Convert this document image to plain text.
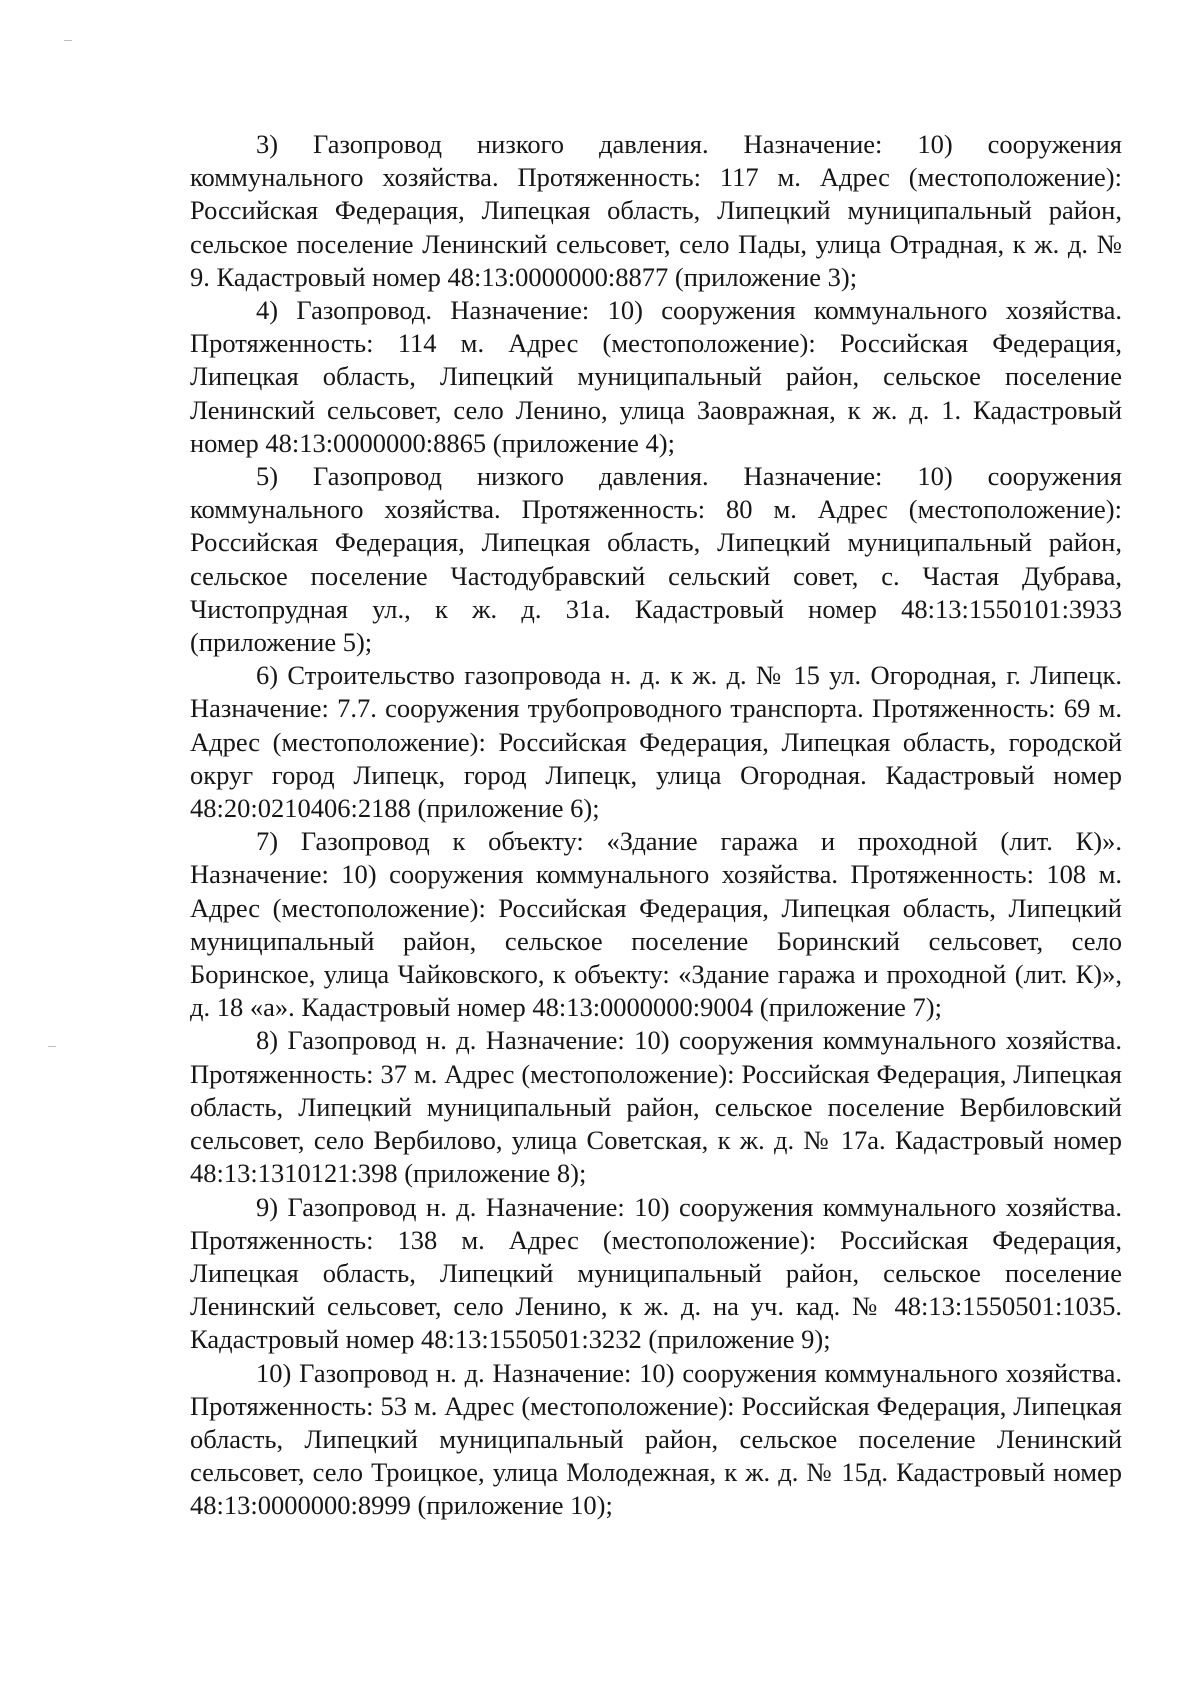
3) Газопровод низкого давления. Назначение: 10) сооружения коммунального хозяйства. Протяженность: 117 м. Адрес (местоположение): Российская Федерация, Липецкая область, Липецкий муниципальный район, сельское поселение Ленинский сельсовет, село Пады, улица Отрадная, к ж. д. № 9. Кадастровый номер 48:13:0000000:8877 (приложение 3);

4) Газопровод. Назначение: 10) сооружения коммунального хозяйства. Протяженность: 114 м. Адрес (местоположение): Российская Федерация, Липецкая область, Липецкий муниципальный район, сельское поселение Ленинский сельсовет, село Ленино, улица Заовражная, к ж. д. 1. Кадастровый номер 48:13:0000000:8865 (приложение 4);

5) Газопровод низкого давления. Назначение: 10) сооружения коммунального хозяйства. Протяженность: 80 м. Адрес (местоположение): Российская Федерация, Липецкая область, Липецкий муниципальный район, сельское поселение Частодубравский сельский совет, с. Частая Дубрава, Чистопрудная ул., к ж. д. 31а. Кадастровый номер 48:13:1550101:3933 (приложение 5);

6) Строительство газопровода н. д. к ж. д. № 15 ул. Огородная, г. Липецк. Назначение: 7.7. сооружения трубопроводного транспорта. Протяженность: 69 м. Адрес (местоположение): Российская Федерация, Липецкая область, городской округ город Липецк, город Липецк, улица Огородная. Кадастровый номер 48:20:0210406:2188 (приложение 6);

7) Газопровод к объекту: «Здание гаража и проходной (лит. К)». Назначение: 10) сооружения коммунального хозяйства. Протяженность: 108 м. Адрес (местоположение): Российская Федерация, Липецкая область, Липецкий муниципальный район, сельское поселение Боринский сельсовет, село Боринское, улица Чайковского, к объекту: «Здание гаража и проходной (лит. К)», д. 18 «а». Кадастровый номер 48:13:0000000:9004 (приложение 7);

8) Газопровод н. д. Назначение: 10) сооружения коммунального хозяйства. Протяженность: 37 м. Адрес (местоположение): Российская Федерация, Липецкая область, Липецкий муниципальный район, сельское поселение Вербиловский сельсовет, село Вербилово, улица Советская, к ж. д. № 17а. Кадастровый номер 48:13:1310121:398 (приложение 8);

9) Газопровод н. д. Назначение: 10) сооружения коммунального хозяйства. Протяженность: 138 м. Адрес (местоположение): Российская Федерация, Липецкая область, Липецкий муниципальный район, сельское поселение Ленинский сельсовет, село Ленино, к ж. д. на уч. кад. № 48:13:1550501:1035. Кадастровый номер 48:13:1550501:3232 (приложение 9);

10) Газопровод н. д. Назначение: 10) сооружения коммунального хозяйства. Протяженность: 53 м. Адрес (местоположение): Российская Федерация, Липецкая область, Липецкий муниципальный район, сельское поселение Ленинский сельсовет, село Троицкое, улица Молодежная, к ж. д. № 15д. Кадастровый номер 48:13:0000000:8999 (приложение 10);
